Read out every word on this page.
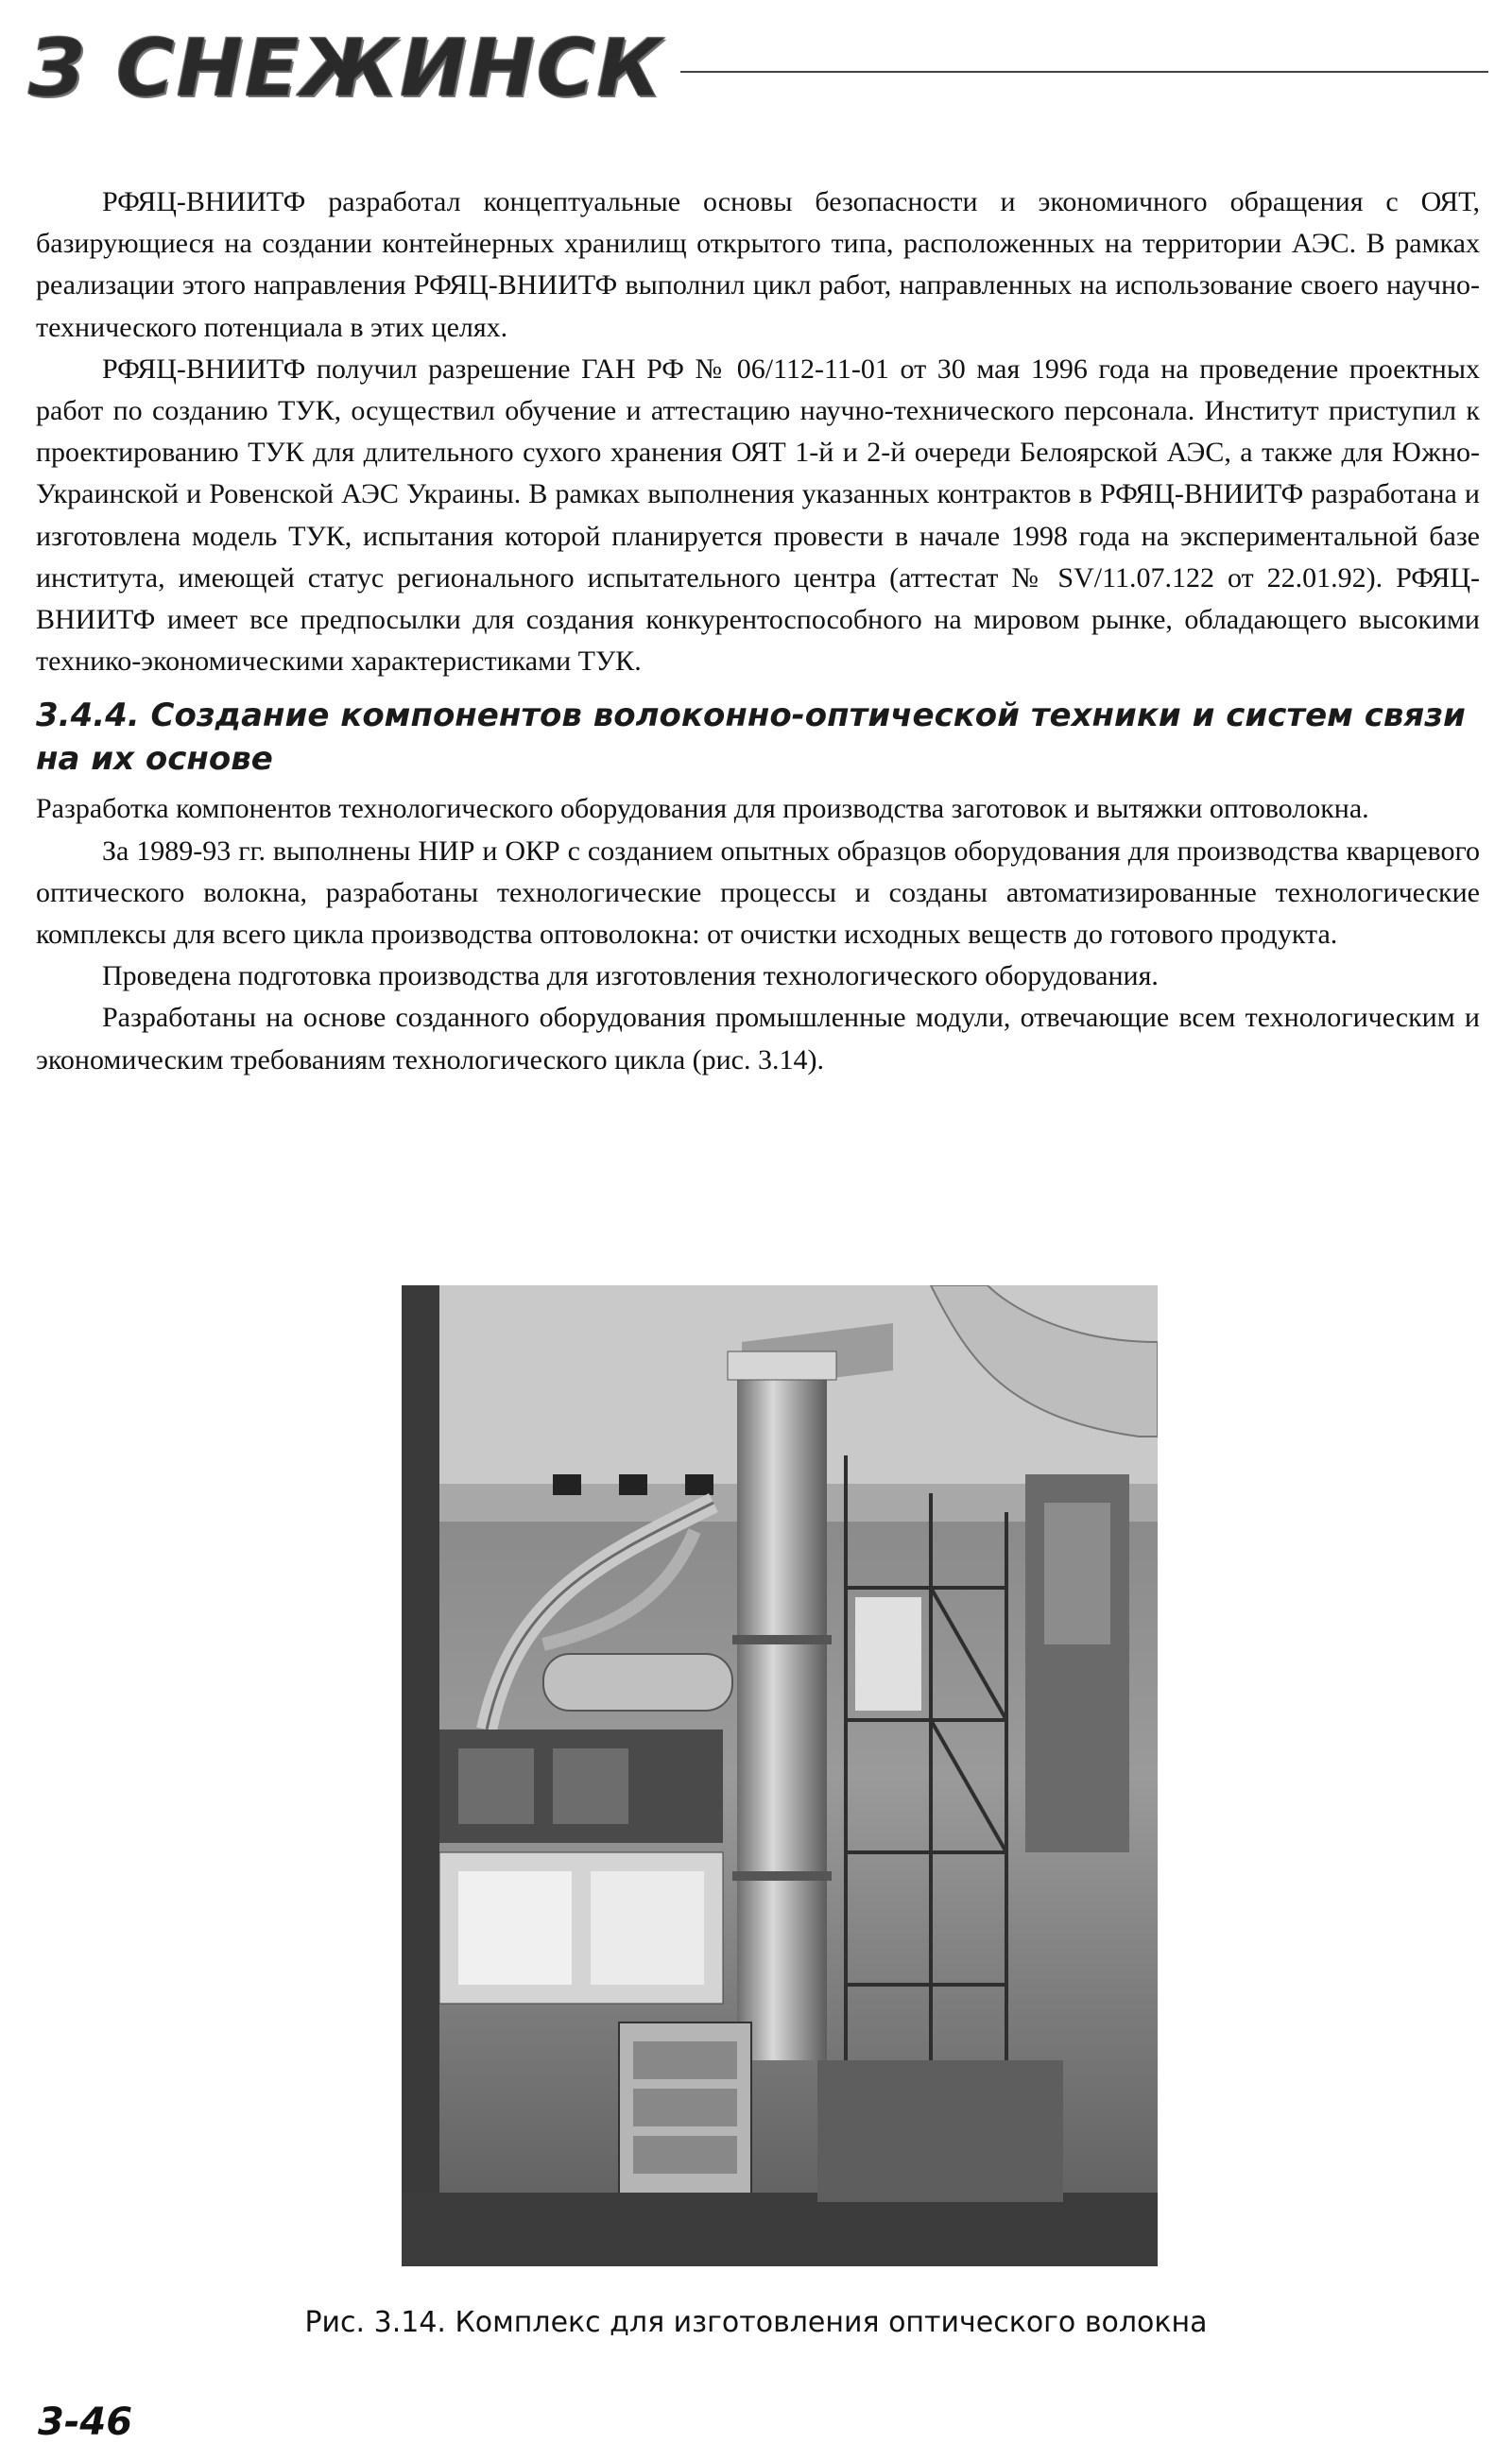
З СНЕЖИНСК

РФЯЦ-ВНИИТФ разработал концептуальные основы безопасности и экономичного обращения с ОЯТ, базирующиеся на создании контейнерных хранилищ открытого типа, расположенных на территории АЭС. В рамках реализации этого направления РФЯЦ-ВНИИТФ выполнил цикл работ, направленных на использование своего научно-технического потенциала в этих целях.

РФЯЦ-ВНИИТФ получил разрешение ГАН РФ № 06/112-11-01 от 30 мая 1996 года на проведение проектных работ по созданию ТУК, осуществил обучение и аттестацию научно-технического персонала. Институт приступил к проектированию ТУК для длительного сухого хранения ОЯТ 1-й и 2-й очереди Белоярской АЭС, а также для Южно-Украинской и Ровенской АЭС Украины. В рамках выполнения указанных контрактов в РФЯЦ-ВНИИТФ разработана и изготовлена модель ТУК, испытания которой планируется провести в начале 1998 года на экспериментальной базе института, имеющей статус регионального испытательного центра (аттестат № SV/11.07.122 от 22.01.92). РФЯЦ-ВНИИТФ имеет все предпосылки для создания конкурентоспособного на мировом рынке, обладающего высокими технико-экономическими характеристиками ТУК.

3.4.4. Создание компонентов волоконно-оптической техники и систем связи на их основе

Разработка компонентов технологического оборудования для производства заготовок и вытяжки оптоволокна.

За 1989-93 гг. выполнены НИР и ОКР с созданием опытных образцов оборудования для производства кварцевого оптического волокна, разработаны технологические процессы и созданы автоматизированные технологические комплексы для всего цикла производства оптоволокна: от очистки исходных веществ до готового продукта.

Проведена подготовка производства для изготовления технологического оборудования.

Разработаны на основе созданного оборудования промышленные модули, отвечающие всем технологическим и экономическим требованиям технологического цикла (рис. 3.14).

Рис. 3.14. Комплекс для изготовления оптического волокна
3-46
